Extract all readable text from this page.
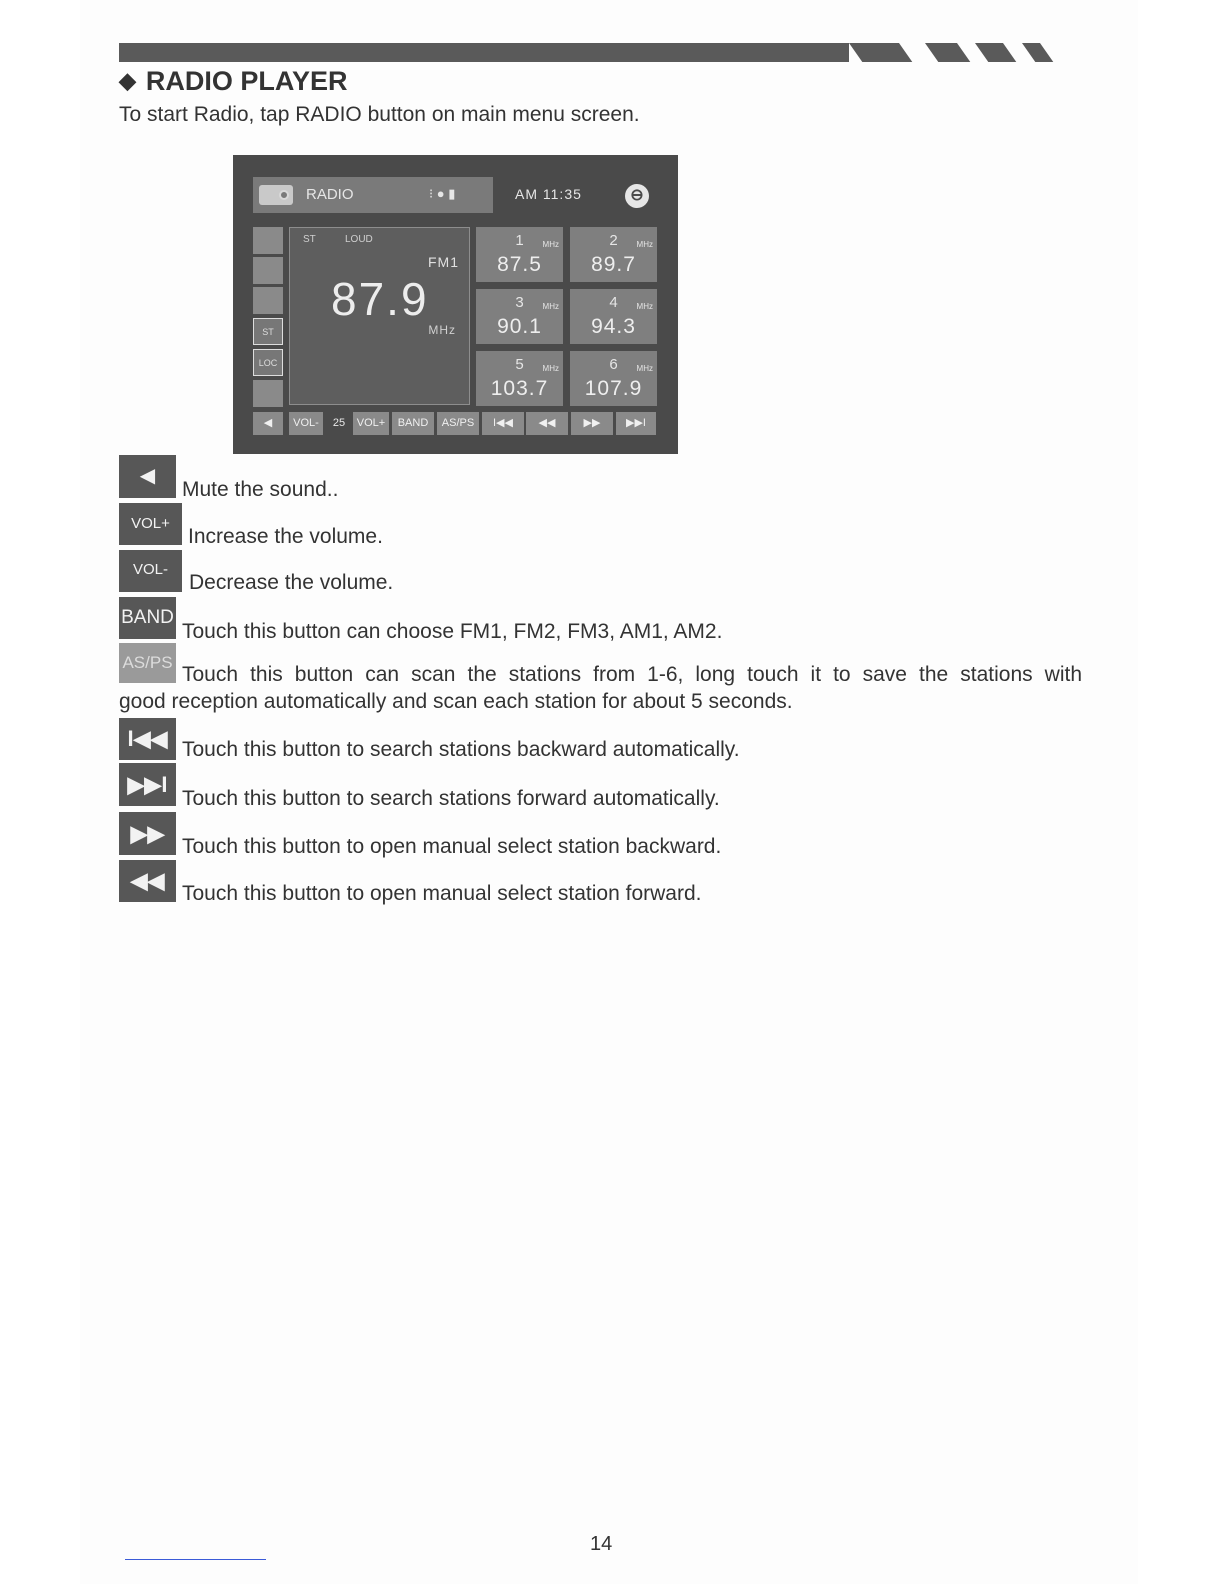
◆ RADIO PLAYER
To start Radio, tap RADIO button on main menu screen.
RADIO	⁝ ● ▮	AM 11:35	⊖
ST
LOC
ST	LOUD
FM1
87.9
MHz
1	MHz
87.5
2	MHz
89.7
3	MHz
90.1
4	MHz
94.3
5	MHz
103.7
6	MHz
107.9
◀	VOL-	25	VOL+	BAND	AS/PS	I◀◀	◀◀	▶▶	▶▶I
◀
Mute the sound..
VOL+
Increase the volume.
VOL-
Decrease the volume.
BAND
Touch this button can choose FM1, FM2, FM3, AM1, AM2.
AS/PS
Touch this button can scan the stations from 1-6, long touch it to save the stations with
good reception automatically and scan each station for about 5 seconds.
I◀◀ Touch this button to search stations backward automatically.
▶▶I
Touch this button to search stations forward automatically.
▶▶
Touch this button to open manual select station backward.
◀◀
Touch this button to open manual select station forward.
14
